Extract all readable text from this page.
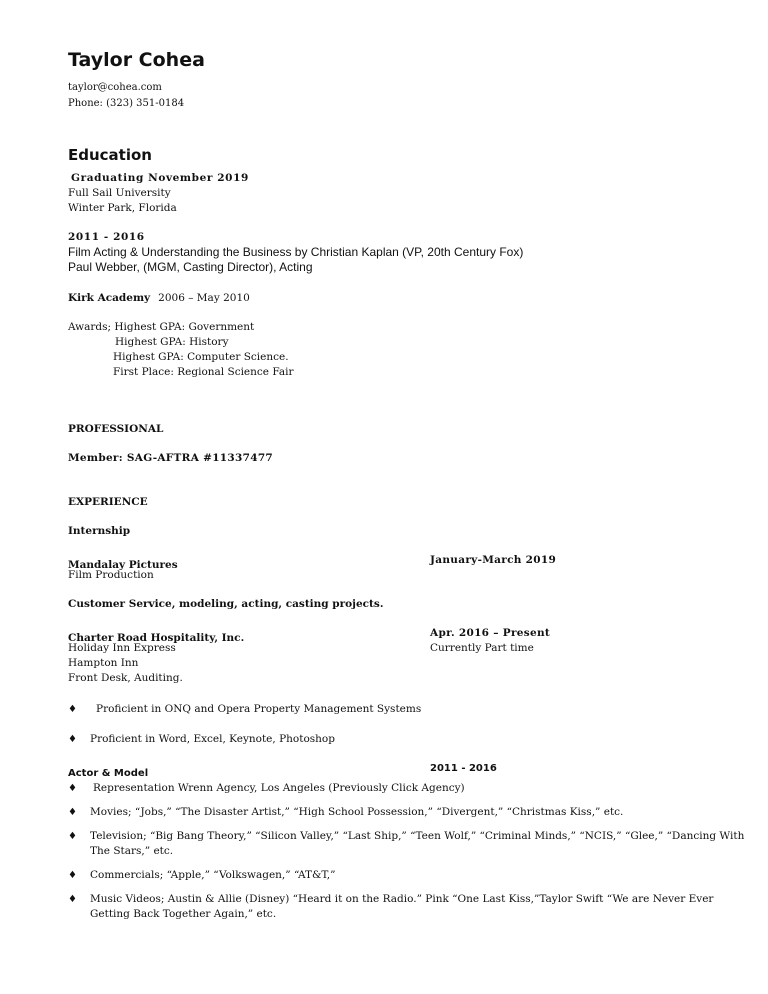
Taylor Cohea
taylor@cohea.com
Phone: (323) 351-0184
Education
Graduating November 2019
Full Sail University
Winter Park, Florida
2011 - 2016
Film Acting & Understanding the Business by Christian Kaplan (VP, 20th Century Fox)
Paul Webber, (MGM, Casting Director), Acting
Kirk Academy 2006 – May 2010
Awards; Highest GPA: Government
Highest GPA: History
Highest GPA: Computer Science.
First Place: Regional Science Fair
PROFESSIONAL
Member: SAG-AFTRA #11337477
EXPERIENCE
Internship
Mandalay Pictures	January-March 2019
Film Production
Customer Service, modeling, acting, casting projects.
Charter Road Hospitality, Inc.	Apr. 2016 – Present
Holiday Inn Express	Currently Part time
Hampton Inn
Front Desk, Auditing.
♦ Proficient in ONQ and Opera Property Management Systems
♦ Proficient in Word, Excel, Keynote, Photoshop
Actor & Model	2011 - 2016
♦ Representation Wrenn Agency, Los Angeles (Previously Click Agency)
♦ Movies; “Jobs,” “The Disaster Artist,” “High School Possession,” “Divergent,” “Christmas Kiss,” etc.
♦ Television; “Big Bang Theory,” “Silicon Valley,” “Last Ship,” “Teen Wolf,” “Criminal Minds,” “NCIS,” “Glee,” “Dancing With The Stars,” etc.
♦ Commercials; “Apple,” “Volkswagen,” “AT&T,”
♦ Music Videos; Austin & Allie (Disney) “Heard it on the Radio.” Pink “One Last Kiss,”Taylor Swift “We are Never Ever Getting Back Together Again,” etc.
